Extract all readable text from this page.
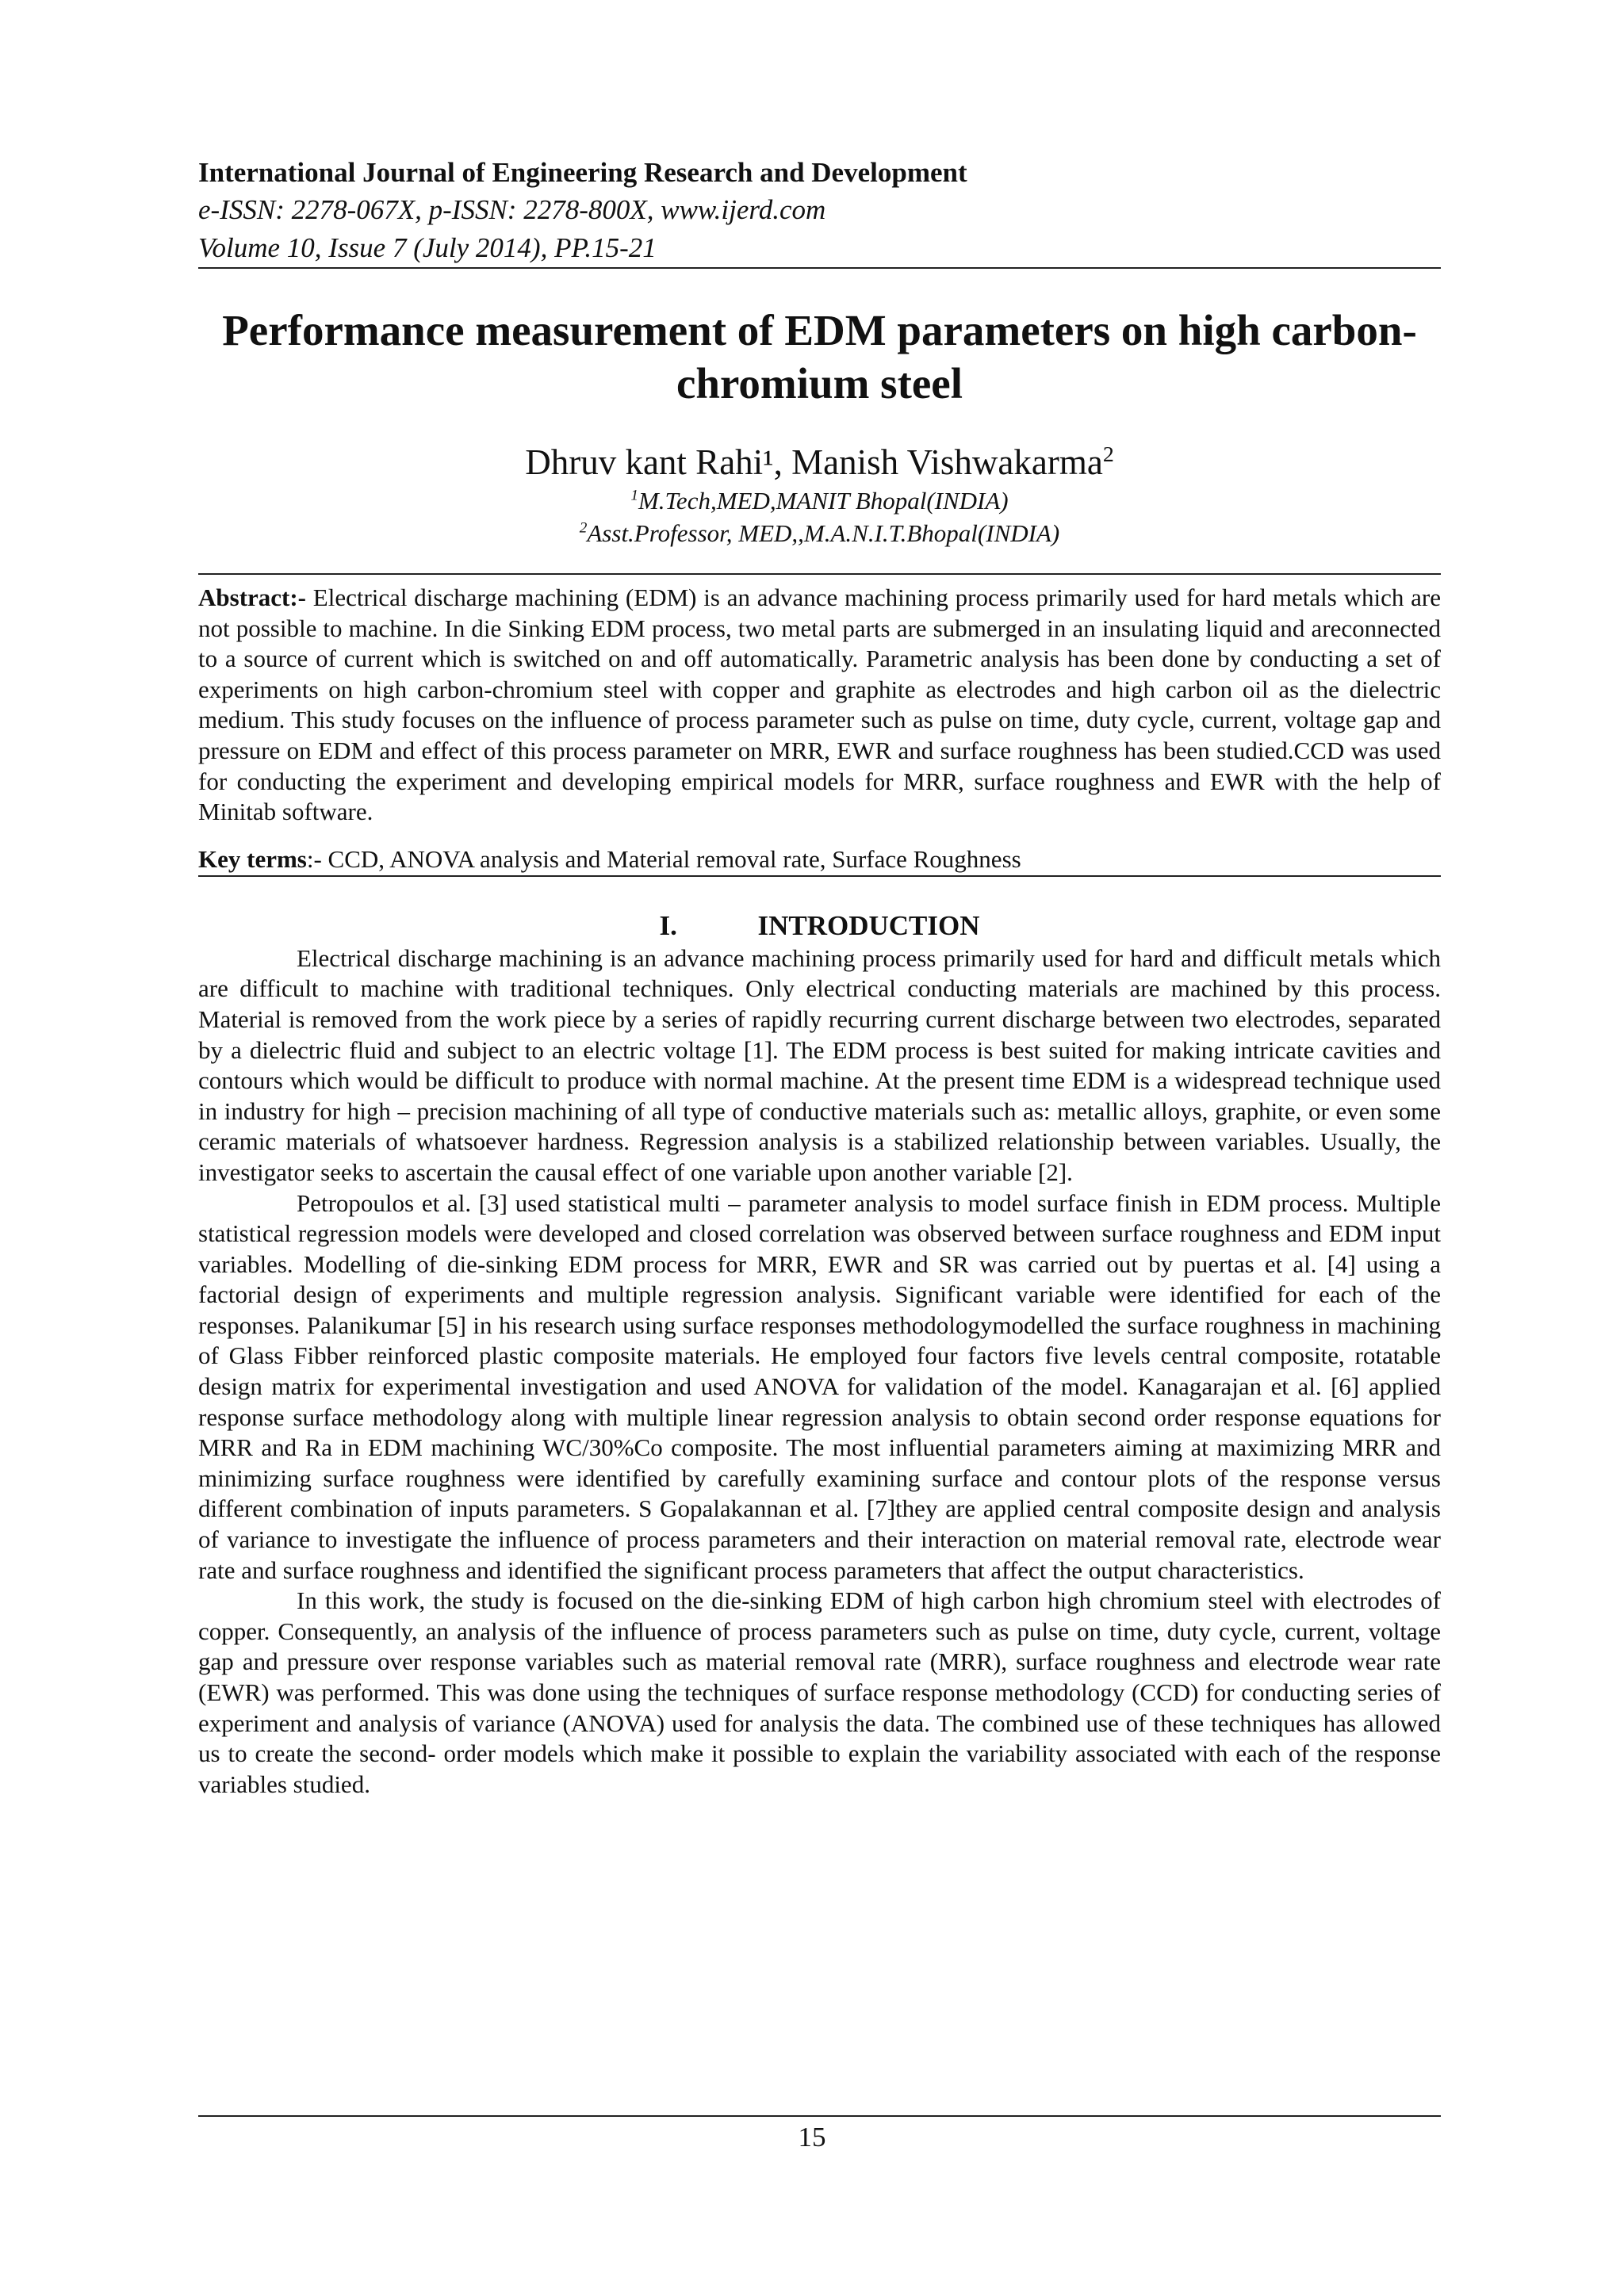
International Journal of Engineering Research and Development
e-ISSN: 2278-067X, p-ISSN: 2278-800X, www.ijerd.com
Volume 10, Issue 7 (July 2014), PP.15-21
Performance measurement of EDM parameters on high carbon-
chromium steel
Dhruv kant Rahi¹, Manish Vishwakarma$^2$
$^1$M.Tech,MED,MANIT Bhopal(INDIA)
$^2$Asst.Professor, MED,,M.A.N.I.T.Bhopal(INDIA)

Abstract:- Electrical discharge machining (EDM) is an advance machining process primarily used for hard metals which are not possible to machine. In die Sinking EDM process, two metal parts are submerged in an insulating liquid and areconnected to a source of current which is switched on and off automatically. Parametric analysis has been done by conducting a set of experiments on high carbon-chromium steel with copper and graphite as electrodes and high carbon oil as the dielectric medium. This study focuses on the influence of process parameter such as pulse on time, duty cycle, current, voltage gap and pressure on EDM and effect of this process parameter on MRR, EWR and surface roughness has been studied.CCD was used for conducting the experiment and developing empirical models for MRR, surface roughness and EWR with the help of Minitab software.

Key terms:- CCD, ANOVA analysis and Material removal rate, Surface Roughness
I.	INTRODUCTION

Electrical discharge machining is an advance machining process primarily used for hard and difficult metals which are difficult to machine with traditional techniques. Only electrical conducting materials are machined by this process. Material is removed from the work piece by a series of rapidly recurring current discharge between two electrodes, separated by a dielectric fluid and subject to an electric voltage [1]. The EDM process is best suited for making intricate cavities and contours which would be difficult to produce with normal machine. At the present time EDM is a widespread technique used in industry for high – precision machining of all type of conductive materials such as: metallic alloys, graphite, or even some ceramic materials of whatsoever hardness. Regression analysis is a stabilized relationship between variables. Usually, the investigator seeks to ascertain the causal effect of one variable upon another variable [2].

Petropoulos et al. [3] used statistical multi – parameter analysis to model surface finish in EDM process. Multiple statistical regression models were developed and closed correlation was observed between surface roughness and EDM input variables. Modelling of die-sinking EDM process for MRR, EWR and SR was carried out by puertas et al. [4] using a factorial design of experiments and multiple regression analysis. Significant variable were identified for each of the responses. Palanikumar [5] in his research using surface responses methodologymodelled the surface roughness in machining of Glass Fibber reinforced plastic composite materials. He employed four factors five levels central composite, rotatable design matrix for experimental investigation and used ANOVA for validation of the model. Kanagarajan et al. [6] applied response surface methodology along with multiple linear regression analysis to obtain second order response equations for MRR and Ra in EDM machining WC/30%Co composite. The most influential parameters aiming at maximizing MRR and minimizing surface roughness were identified by carefully examining surface and contour plots of the response versus different combination of inputs parameters. S Gopalakannan et al. [7]they are applied central composite design and analysis of variance to investigate the influence of process parameters and their interaction on material removal rate, electrode wear rate and surface roughness and identified the significant process parameters that affect the output characteristics.

In this work, the study is focused on the die-sinking EDM of high carbon high chromium steel with electrodes of copper. Consequently, an analysis of the influence of process parameters such as pulse on time, duty cycle, current, voltage gap and pressure over response variables such as material removal rate (MRR), surface roughness and electrode wear rate (EWR) was performed. This was done using the techniques of surface response methodology (CCD) for conducting series of experiment and analysis of variance (ANOVA) used for analysis the data. The combined use of these techniques has allowed us to create the second- order models which make it possible to explain the variability associated with each of the response variables studied.

15
